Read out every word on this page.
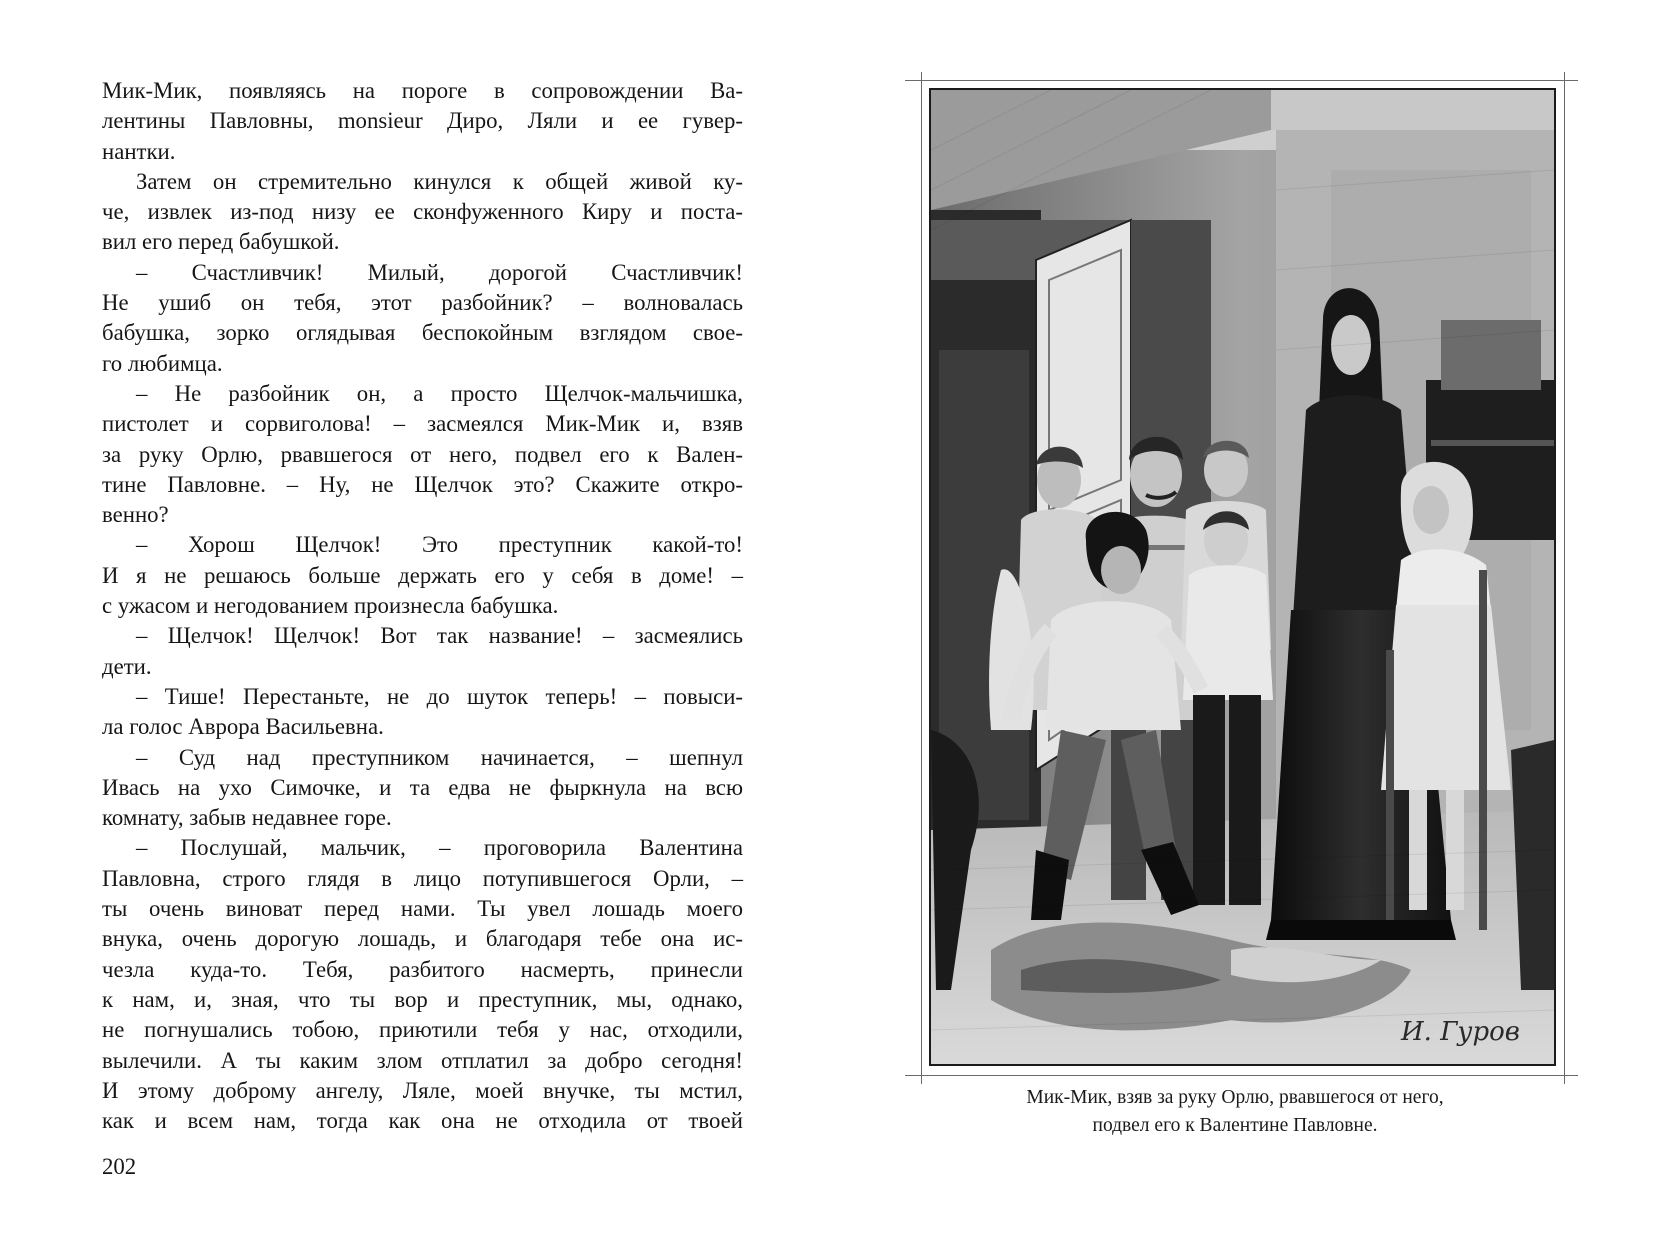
Мик-Мик, появляясь на пороге в сопровождении Ва-
лентины Павловны, monsieur Диро, Ляли и ее гувер-
нантки.
Затем он стремительно кинулся к общей живой ку-
че, извлек из-под низу ее сконфуженного Киру и поста-
вил его перед бабушкой.
– Счастливчик! Милый, дорогой Счастливчик!
Не ушиб он тебя, этот разбойник? – волновалась
бабушка, зорко оглядывая беспокойным взглядом свое-
го любимца.
– Не разбойник он, а просто Щелчок-мальчишка,
пистолет и сорвиголова! – засмеялся Мик-Мик и, взяв
за руку Орлю, рвавшегося от него, подвел его к Вален-
тине Павловне. – Ну, не Щелчок это? Скажите откро-
венно?
– Хорош Щелчок! Это преступник какой-то!
И я не решаюсь больше держать его у себя в доме! –
с ужасом и негодованием произнесла бабушка.
– Щелчок! Щелчок! Вот так название! – засмеялись
дети.
– Тише! Перестаньте, не до шуток теперь! – повыси-
ла голос Аврора Васильевна.
– Суд над преступником начинается, – шепнул
Ивась на ухо Симочке, и та едва не фыркнула на всю
комнату, забыв недавнее горе.
– Послушай, мальчик, – проговорила Валентина
Павловна, строго глядя в лицо потупившегося Орли, –
ты очень виноват перед нами. Ты увел лошадь моего
внука, очень дорогую лошадь, и благодаря тебе она ис-
чезла куда-то. Тебя, разбитого насмерть, принесли
к нам, и, зная, что ты вор и преступник, мы, однако,
не погнушались тобою, приютили тебя у нас, отходили,
вылечили. А ты каким злом отплатил за добро сегодня!
И этому доброму ангелу, Ляле, моей внучке, ты мстил,
как и всем нам, тогда как она не отходила от твоей
202
И. Гуров
Мик-Мик, взяв за руку Орлю, рвавшегося от него,
подвел его к Валентине Павловне.
